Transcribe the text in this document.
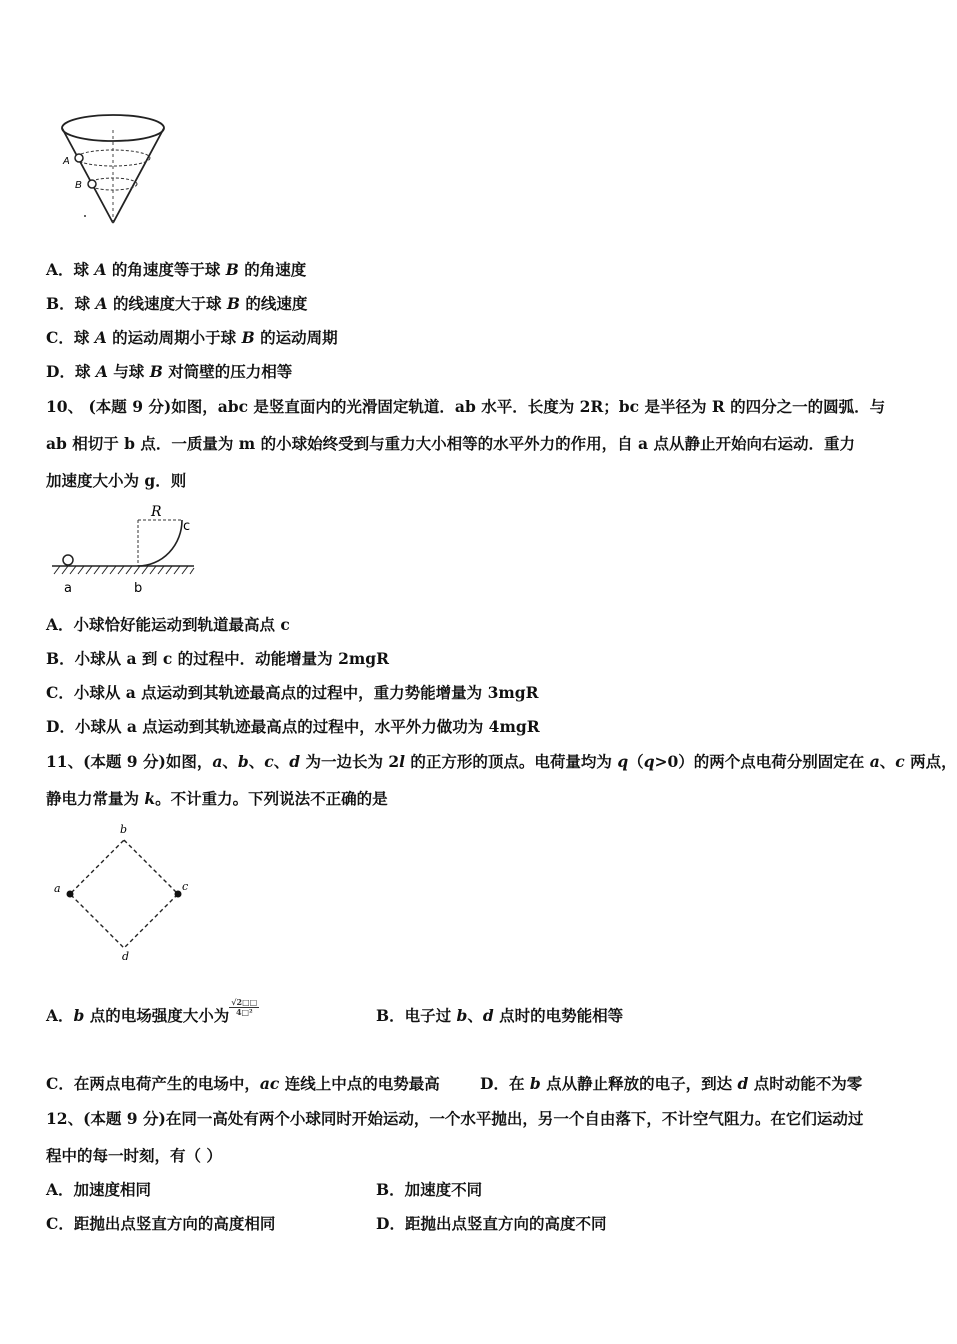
A
B
A．球 A 的角速度等于球 B 的角速度
B．球 A 的线速度大于球 B 的线速度
C．球 A 的运动周期小于球 B 的运动周期
D．球 A 与球 B 对筒壁的压力相等
10、 (本题 9 分)如图，abc 是竖直面内的光滑固定轨道．ab 水平．长度为 2R；bc 是半径为 R 的四分之一的圆弧．与
ab 相切于 b 点．一质量为 m 的小球始终受到与重力大小相等的水平外力的作用，自 a 点从静止开始向右运动．重力
加速度大小为 g．则
R
c
a	b
A．小球恰好能运动到轨道最高点 c
B．小球从 a 到 c 的过程中．动能增量为 2mgR
C．小球从 a 点运动到其轨迹最高点的过程中，重力势能增量为 3mgR
D．小球从 a 点运动到其轨迹最高点的过程中，水平外力做功为 4mgR
11、(本题 9 分)如图，a、b、c、d 为一边长为 2l 的正方形的顶点。电荷量均为 q（q>0）的两个点电荷分别固定在 a、c 两点，
静电力常量为 k。不计重力。下列说法不正确的是
b
a	c
d
A．b 点的电场强度大小为 $\frac{√2□□}{\text{4□²}}$	B．电子过 b、d 点时的电势能相等
C．在两点电荷产生的电场中，ac 连线上中点的电势最高	D．在 b 点从静止释放的电子，到达 d 点时动能不为零
12、(本题 9 分)在同一高处有两个小球同时开始运动，一个水平抛出，另一个自由落下，不计空气阻力。在它们运动过
程中的每一时刻，有（ ）
A．加速度相同	B．加速度不同
C．距抛出点竖直方向的高度相同	D．距抛出点竖直方向的高度不同
